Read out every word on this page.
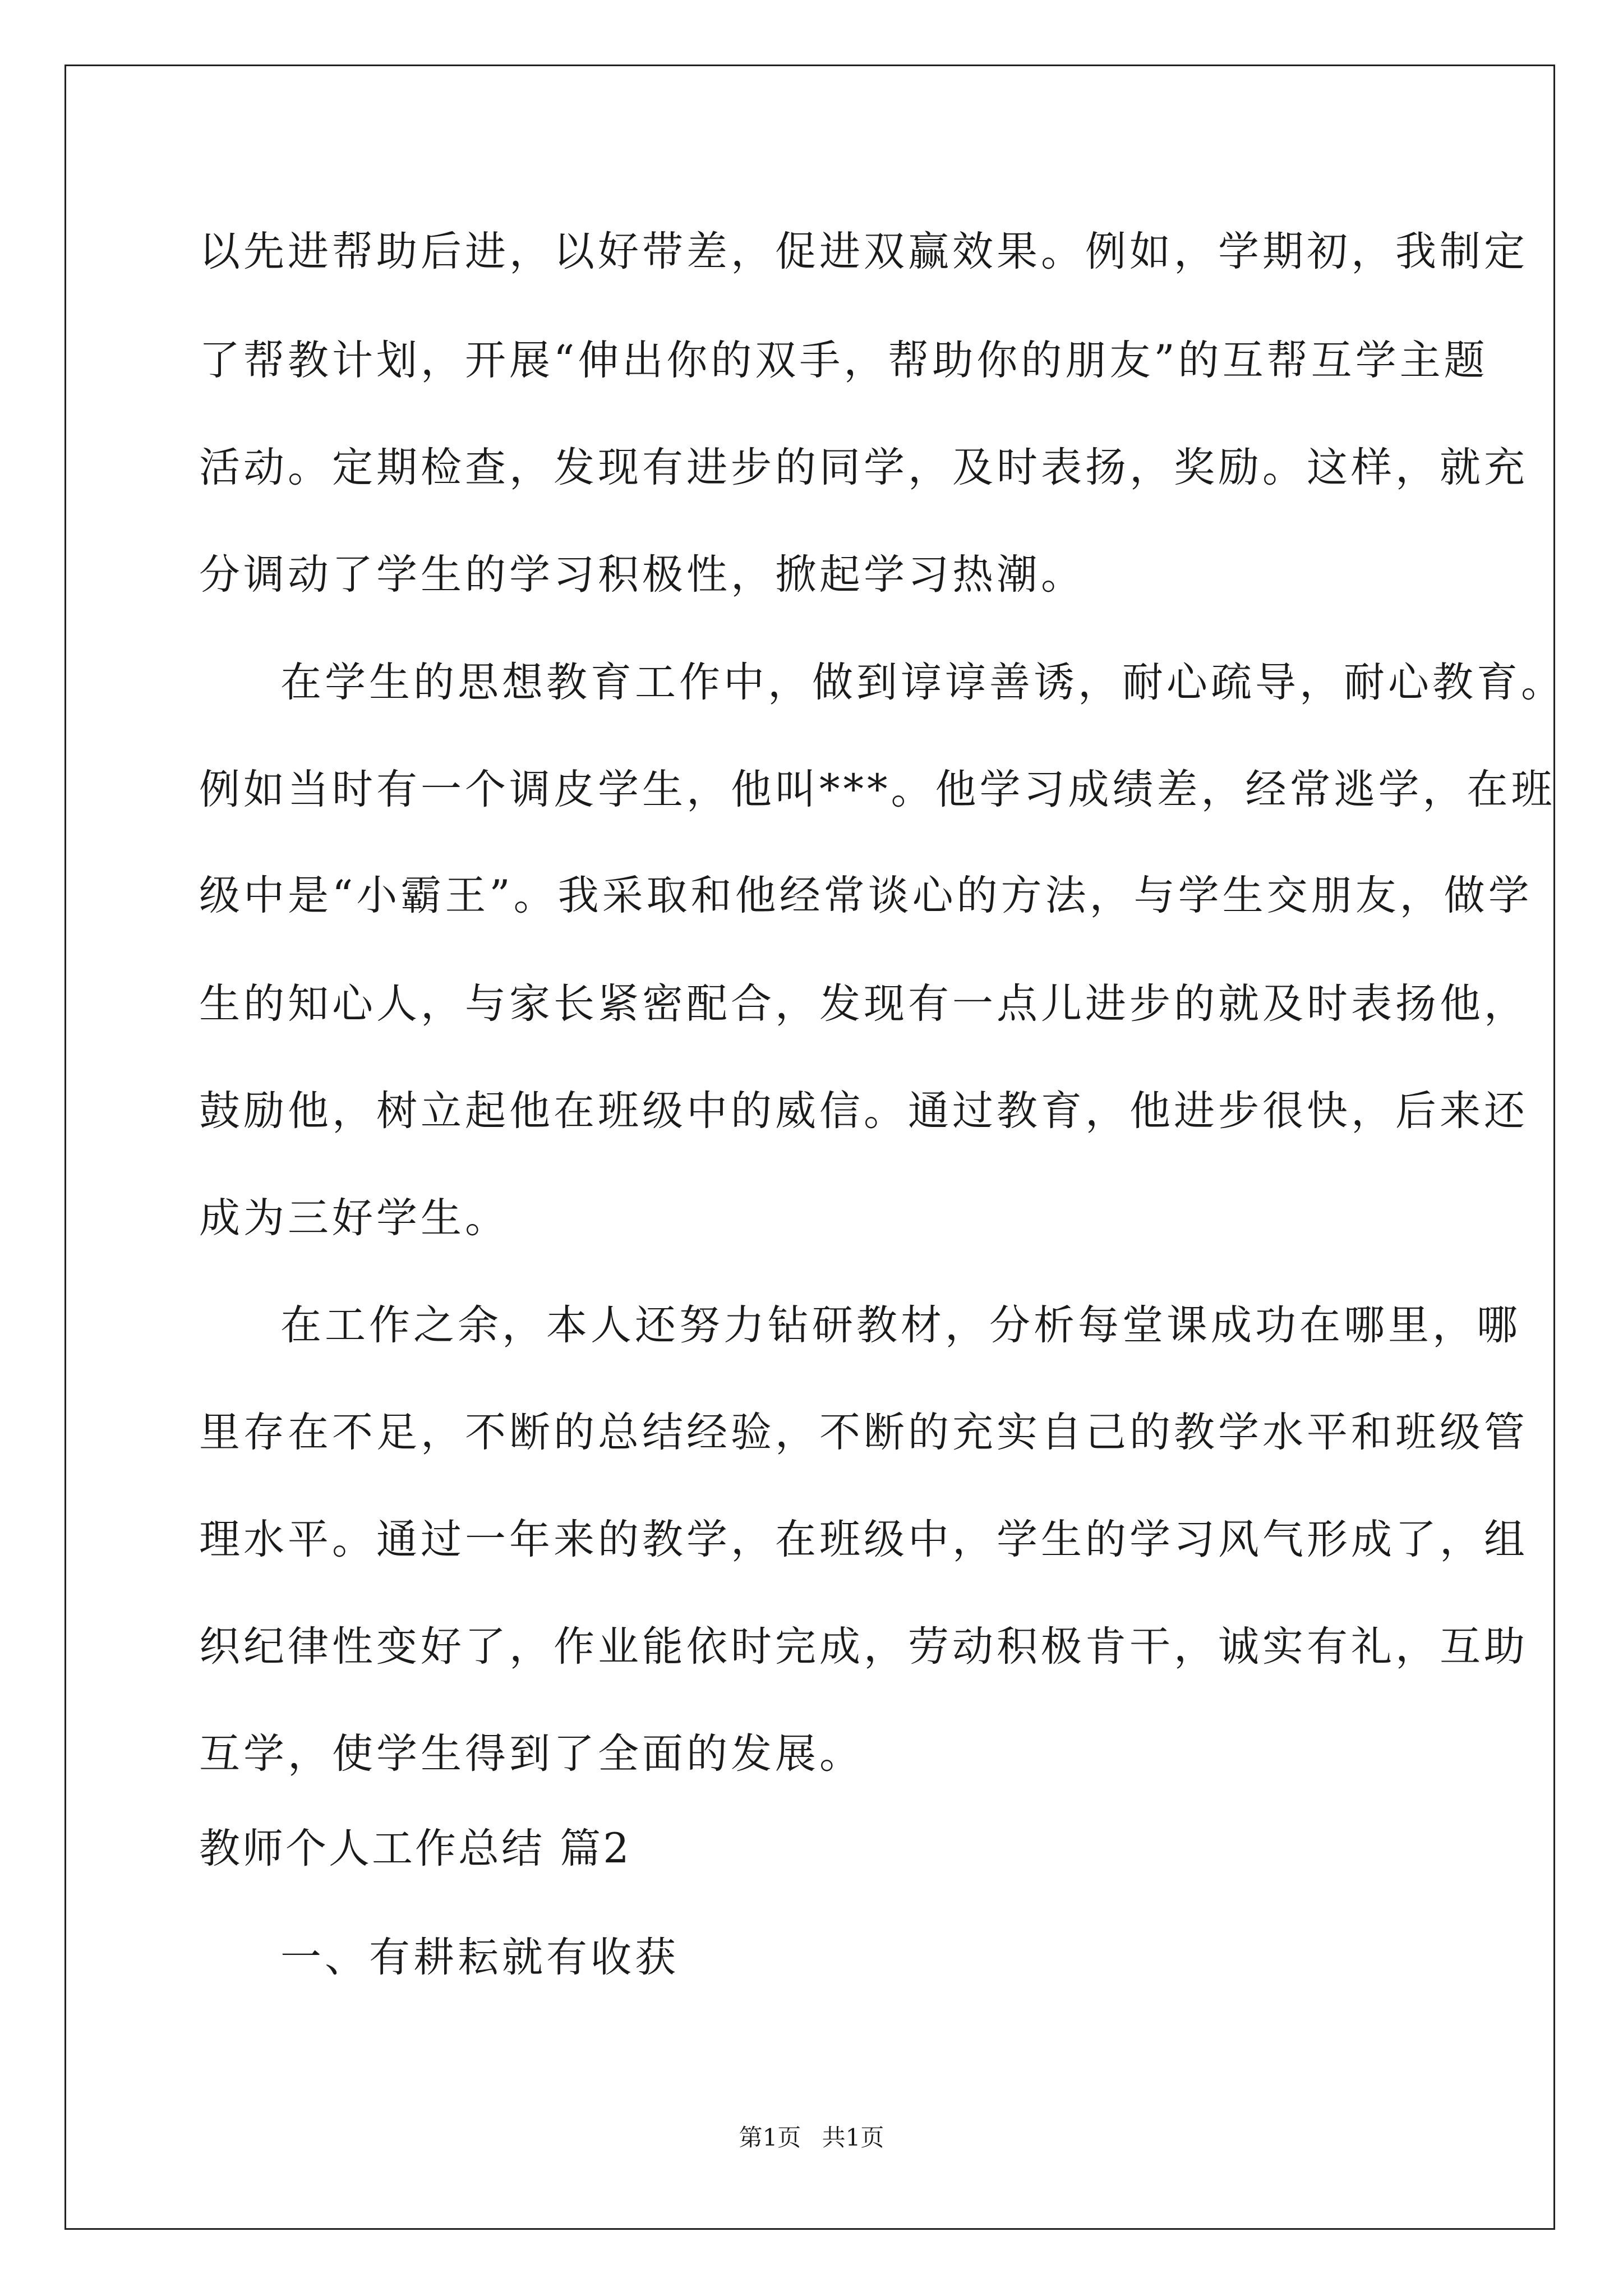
以先进帮助后进，以好带差，促进双赢效果。例如，学期初，我制定
了帮教计划，开展“伸出你的双手，帮助你的朋友”的互帮互学主题
活动。定期检查，发现有进步的同学，及时表扬，奖励。这样，就充
分调动了学生的学习积极性，掀起学习热潮。
在学生的思想教育工作中，做到谆谆善诱，耐心疏导，耐心教育。
例如当时有一个调皮学生，他叫***。他学习成绩差，经常逃学，在班
级中是“小霸王”。我采取和他经常谈心的方法，与学生交朋友，做学
生的知心人，与家长紧密配合，发现有一点儿进步的就及时表扬他，
鼓励他，树立起他在班级中的威信。通过教育，他进步很快，后来还
成为三好学生。
在工作之余，本人还努力钻研教材，分析每堂课成功在哪里，哪
里存在不足，不断的总结经验，不断的充实自己的教学水平和班级管
理水平。通过一年来的教学，在班级中，学生的学习风气形成了，组
织纪律性变好了，作业能依时完成，劳动积极肯干，诚实有礼，互助
互学，使学生得到了全面的发展。
教师个人工作总结 篇2
一、有耕耘就有收获
第1页 共1页
